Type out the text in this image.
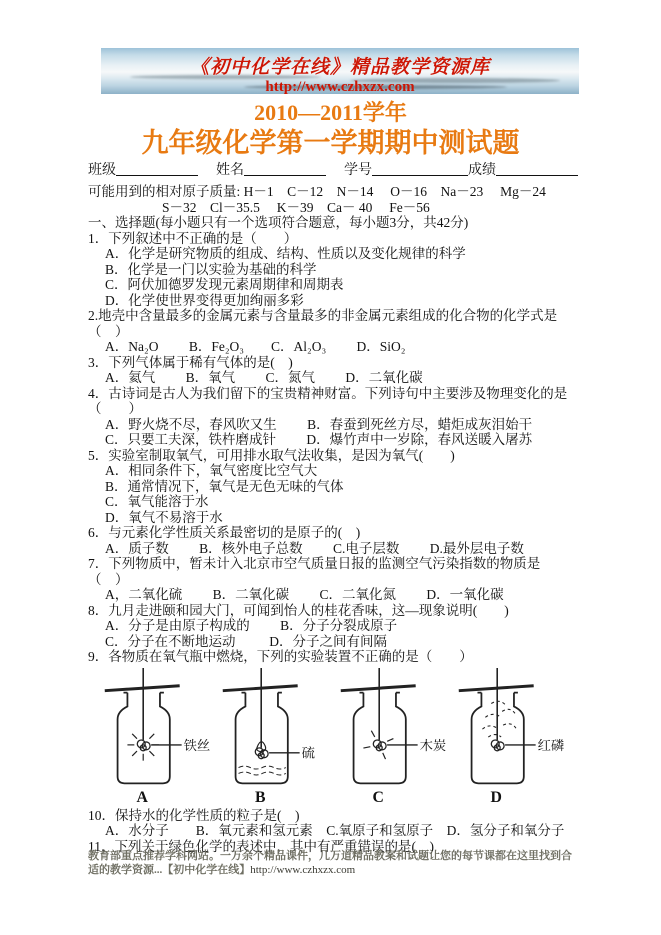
《初中化学在线》精品教学资源库
http://www.czhxzx.com
2010—2011学年
九年级化学第一学期期中测试题
班级	姓名	学号	成绩
可能用到的相对原子质量: H－1　C－12　N－14 　O－16　Na－23 　Mg－24
S－32　Cl－35.5 　K－39　Ca－ 40 　Fe－56
一、选择题(每小题只有一个选项符合题意，每小题3分，共42分)
1．下列叙述中不正确的是（　　）
A．化学是研究物质的组成、结构、性质以及变化规律的科学
B．化学是一门以实验为基础的科学
C．阿伏加德罗发现元素周期律和周期表
D．化学使世界变得更加绚丽多彩
2.地壳中含量最多的金属元素与含量最多的非金属元素组成的化合物的化学式是
（　）
A．Na₂O　 　B．Fe₂O₃　　C．Al₂O₃　 　D．SiO₂
3．下列气体属于稀有气体的是(　)
A．氦气　 　B．氧气　 　C．氮气　 　D．二氧化碳
4．古诗词是古人为我们留下的宝贵精神财富。下列诗句中主要涉及物理变化的是
（　　）
A．野火烧不尽，春风吹又生　 　B．春蚕到死丝方尽，蜡炬成灰泪始干
C．只要工夫深，铁杵磨成针　 　D．爆竹声中一岁除，春风送暖入屠苏
5．实验室制取氧气，可用排水取气法收集，是因为氧气(　　)
A．相同条件下，氧气密度比空气大
B．通常情况下，氧气是无色无味的气体
C．氧气能溶于水
D．氧气不易溶于水
6．与元素化学性质关系最密切的是原子的(　)
A．质子数　 　B．核外电子总数　 　C.电子层数　 　D.最外层电子数
7．下列物质中，暂未计入北京市空气质量日报的监测空气污染指数的物质是
（　）
A，二氧化硫　 　B．二氧化碳　 　C．二氧化氮　 　D．一氧化碳
8．九月走进颐和园大门，可闻到怡人的桂花香味，这—现象说明(　　)
A．分子是由原子构成的　 　B．分子分裂成原子
C．分子在不断地运动　 　 D．分子之间有间隔
9．各物质在氧气瓶中燃烧，下列的实验装置不正确的是（　　）
铁丝
A
硫
B
木炭
C
红磷
D
10．保持水的化学性质的粒子是(　)
A．水分子　　B．氧元素和氢元素　C.氧原子和氢原子　D．氢分子和氧分子
11．下列关于绿色化学的表述中，其中有严重错误的是(　)
教育部重点推荐学科网站。一万余个精品课件，几万道精品教案和试题让您的每节课都在这里找到合适的教学资源...【初中化学在线】http://www.czhxzx.com
